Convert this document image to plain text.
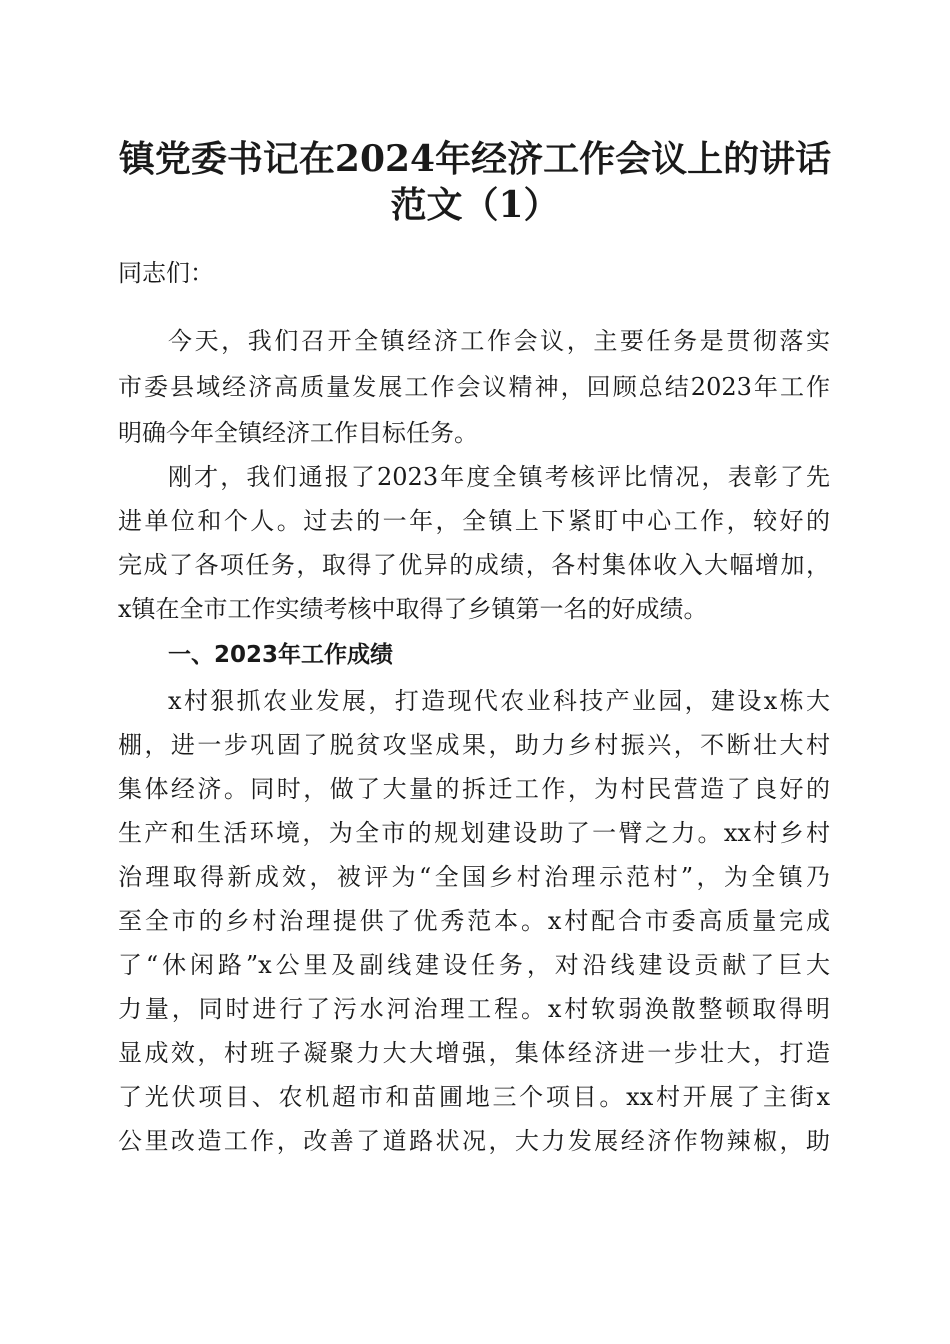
镇党委书记在2024年经济工作会议上的讲话
范文（1）
同志们：
今天，我们召开全镇经济工作会议，主要任务是贯彻落实
市委县域经济高质量发展工作会议精神，回顾总结2023年工作
明确今年全镇经济工作目标任务。
刚才，我们通报了2023年度全镇考核评比情况，表彰了先
进单位和个人。过去的一年，全镇上下紧盯中心工作，较好的
完成了各项任务，取得了优异的成绩，各村集体收入大幅增加，
x镇在全市工作实绩考核中取得了乡镇第一名的好成绩。
一、2023年工作成绩
x村狠抓农业发展，打造现代农业科技产业园，建设x栋大
棚，进一步巩固了脱贫攻坚成果，助力乡村振兴，不断壮大村
集体经济。同时，做了大量的拆迁工作，为村民营造了良好的
生产和生活环境，为全市的规划建设助了一臂之力。xx村乡村
治理取得新成效，被评为“全国乡村治理示范村”，为全镇乃
至全市的乡村治理提供了优秀范本。x村配合市委高质量完成
了“休闲路”x公里及副线建设任务，对沿线建设贡献了巨大
力量，同时进行了污水河治理工程。x村软弱涣散整顿取得明
显成效，村班子凝聚力大大增强，集体经济进一步壮大，打造
了光伏项目、农机超市和苗圃地三个项目。xx村开展了主街x
公里改造工作，改善了道路状况，大力发展经济作物辣椒，助
